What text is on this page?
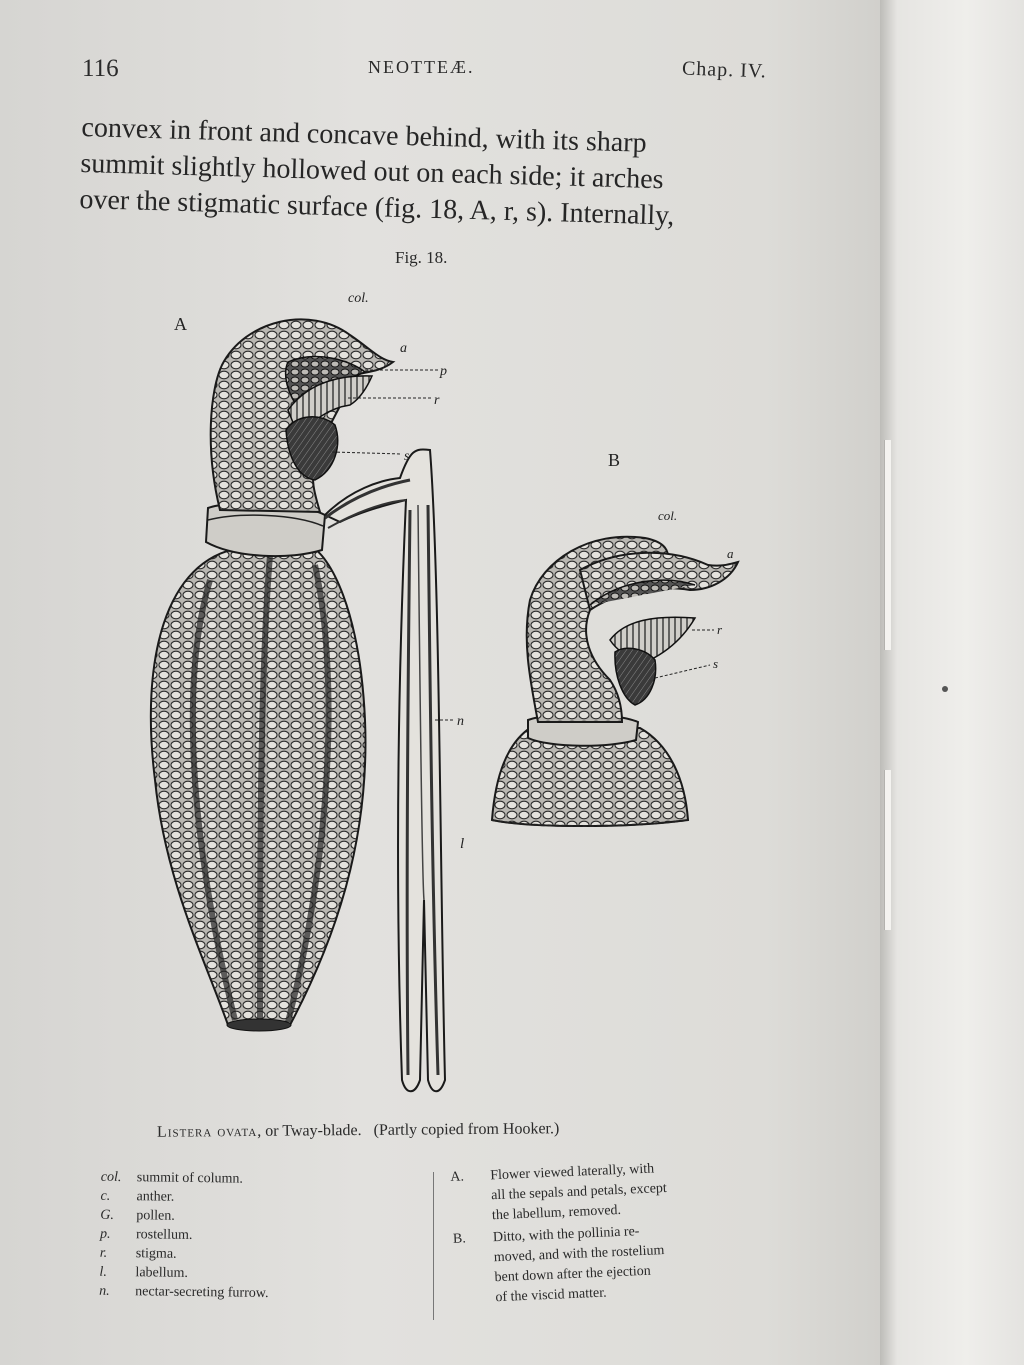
116	NEOTTEÆ.	Chap. IV.
convex in front and concave behind, with its sharp
summit slightly hollowed out on each side; it arches
over the stigmatic surface (fig. 18, A, r, s). Internally,
Fig. 18.
A
col.
a
p
r
s
n
l
B
col.
a
r
s
Listera ovata, or Tway-blade. (Partly copied from Hooker.)
col.	summit of column.
c.	anther.
G.	pollen.
p.	rostellum.
r.	stigma.
l.	labellum.
n.	nectar-secreting furrow.
A.	Flower viewed laterally, with
all the sepals and petals, except
the labellum, removed.
B.	Ditto, with the pollinia re-
moved, and with the rostelium
bent down after the ejection
of the viscid matter.
